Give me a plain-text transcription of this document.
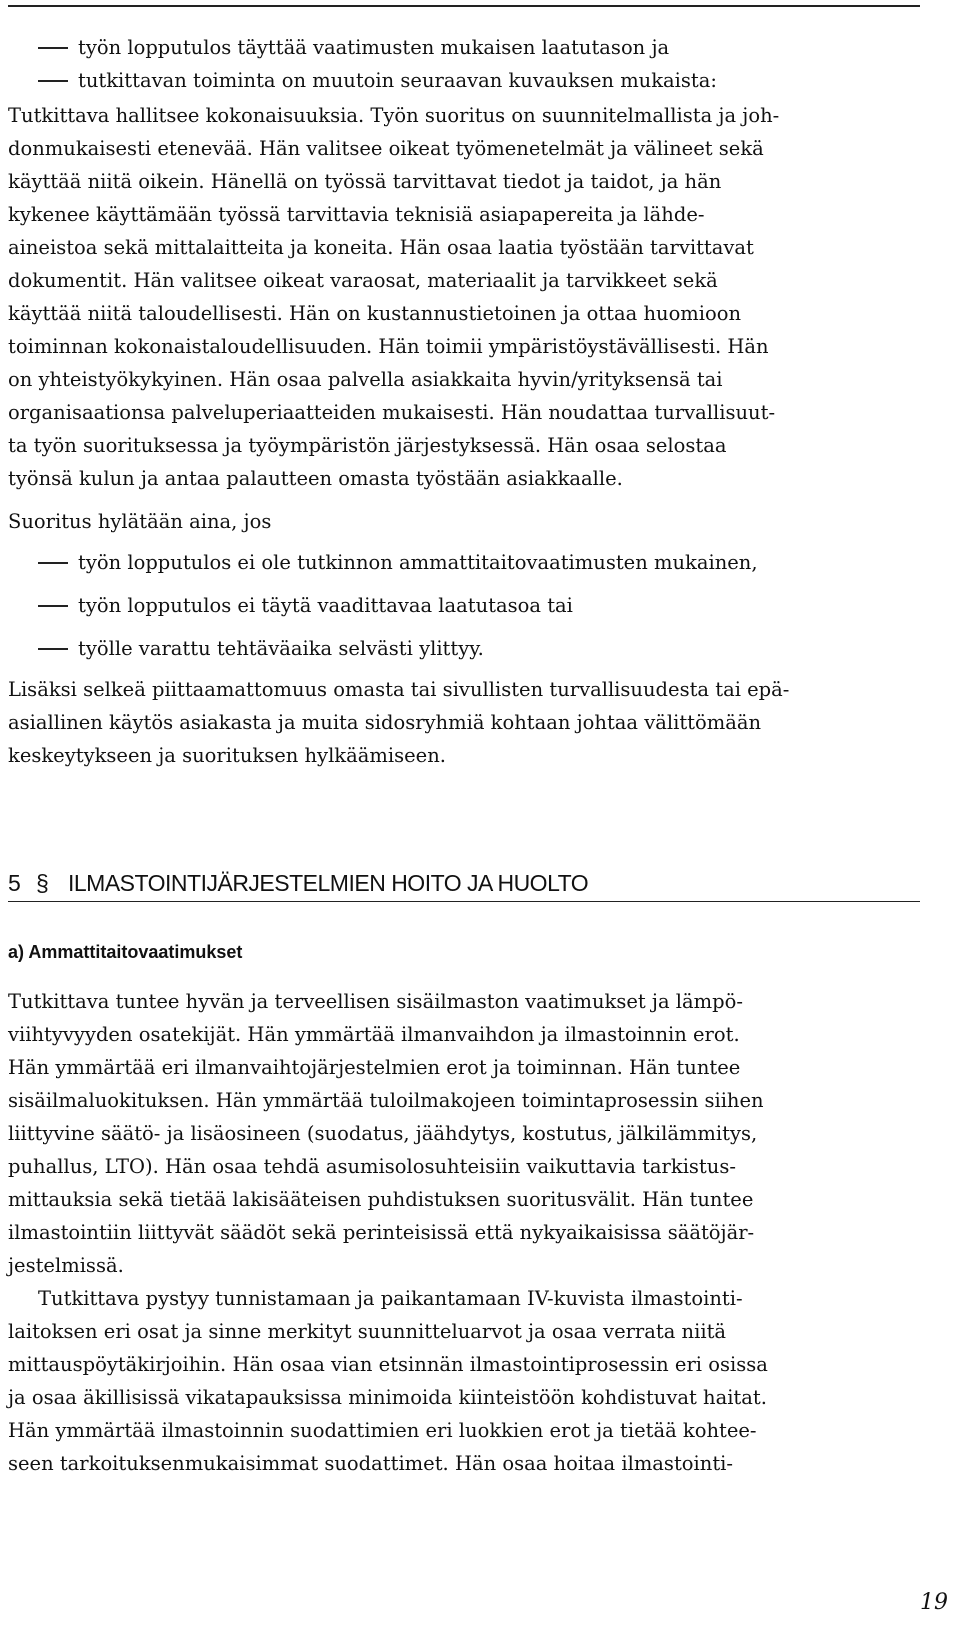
työn lopputulos täyttää vaatimusten mukaisen laatutason ja
tutkittavan toiminta on muutoin seuraavan kuvauksen mukaista:

Tutkittava hallitsee kokonaisuuksia. Työn suoritus on suunnitelmallista ja joh-

donmukaisesti etenevää. Hän valitsee oikeat työmenetelmät ja välineet sekä

käyttää niitä oikein. Hänellä on työssä tarvittavat tiedot ja taidot, ja hän

kykenee käyttämään työssä tarvittavia teknisiä asiapapereita ja lähde-

aineistoa sekä mittalaitteita ja koneita. Hän osaa laatia työstään tarvittavat

dokumentit. Hän valitsee oikeat varaosat, materiaalit ja tarvikkeet sekä

käyttää niitä taloudellisesti. Hän on kustannustietoinen ja ottaa huomioon

toiminnan kokonaistaloudellisuuden. Hän toimii ympäristöystävällisesti. Hän

on yhteistyökykyinen. Hän osaa palvella asiakkaita hyvin/yrityksensä tai

organisaationsa palveluperiaatteiden mukaisesti. Hän noudattaa turvallisuut-

ta työn suorituksessa ja työympäristön järjestyksessä. Hän osaa selostaa

työnsä kulun ja antaa palautteen omasta työstään asiakkaalle.

Suoritus hylätään aina, jos

työn lopputulos ei ole tutkinnon ammattitaitovaatimusten mukainen,
työn lopputulos ei täytä vaadittavaa laatutasoa tai
työlle varattu tehtäväaika selvästi ylittyy.

Lisäksi selkeä piittaamattomuus omasta tai sivullisten turvallisuudesta tai epä-

asiallinen käytös asiakasta ja muita sidosryhmiä kohtaan johtaa välittömään

keskeytykseen ja suorituksen hylkäämiseen.

5 § ILMASTOINTIJÄRJESTELMIEN HOITO JA HUOLTO
a) Ammattitaitovaatimukset

Tutkittava tuntee hyvän ja terveellisen sisäilmaston vaatimukset ja lämpö-

viihtyvyyden osatekijät. Hän ymmärtää ilmanvaihdon ja ilmastoinnin erot.

Hän ymmärtää eri ilmanvaihtojärjestelmien erot ja toiminnan. Hän tuntee

sisäilmaluokituksen. Hän ymmärtää tuloilmakojeen toimintaprosessin siihen

liittyvine säätö- ja lisäosineen (suodatus, jäähdytys, kostutus, jälkilämmitys,

puhallus, LTO). Hän osaa tehdä asumisolosuhteisiin vaikuttavia tarkistus-

mittauksia sekä tietää lakisääteisen puhdistuksen suoritusvälit. Hän tuntee

ilmastointiin liittyvät säädöt sekä perinteisissä että nykyaikaisissa säätöjär-

jestelmissä.

Tutkittava pystyy tunnistamaan ja paikantamaan IV-kuvista ilmastointi-

laitoksen eri osat ja sinne merkityt suunnitteluarvot ja osaa verrata niitä

mittauspöytäkirjoihin. Hän osaa vian etsinnän ilmastointiprosessin eri osissa

ja osaa äkillisissä vikatapauksissa minimoida kiinteistöön kohdistuvat haitat.

Hän ymmärtää ilmastoinnin suodattimien eri luokkien erot ja tietää kohtee-

seen tarkoituksenmukaisimmat suodattimet. Hän osaa hoitaa ilmastointi-

19
